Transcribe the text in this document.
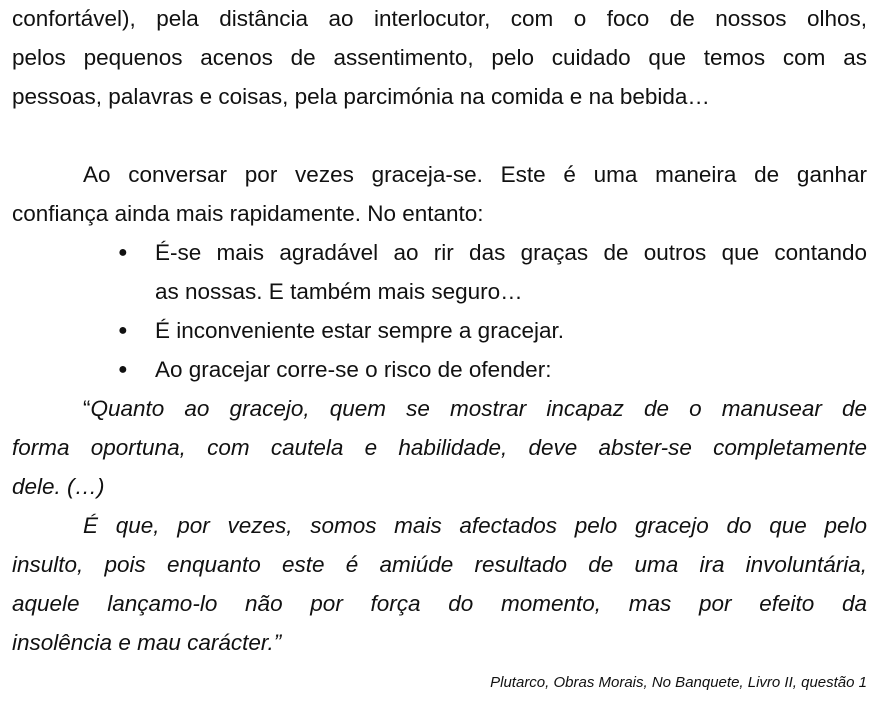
confortável), pela distância ao interlocutor, com o foco de nossos olhos,
pelos pequenos acenos de assentimento, pelo cuidado que temos com as
pessoas, palavras e coisas, pela parcimónia na comida e na bebida…
Ao conversar por vezes graceja-se. Este é uma maneira de ganhar
confiança ainda mais rapidamente. No entanto:
●	É-se mais agradável ao rir das graças de outros que contando
as nossas. E também mais seguro…
●	É inconveniente estar sempre a gracejar.
●	Ao gracejar corre-se o risco de ofender:
“Quanto ao gracejo, quem se mostrar incapaz de o manusear de
forma oportuna, com cautela e habilidade, deve abster-se completamente
dele. (…)
É que, por vezes, somos mais afectados pelo gracejo do que pelo
insulto, pois enquanto este é amiúde resultado de uma ira involuntária,
aquele lançamo-lo não por força do momento, mas por efeito da
insolência e mau carácter.”
Plutarco, Obras Morais, No Banquete, Livro II, questão 1
